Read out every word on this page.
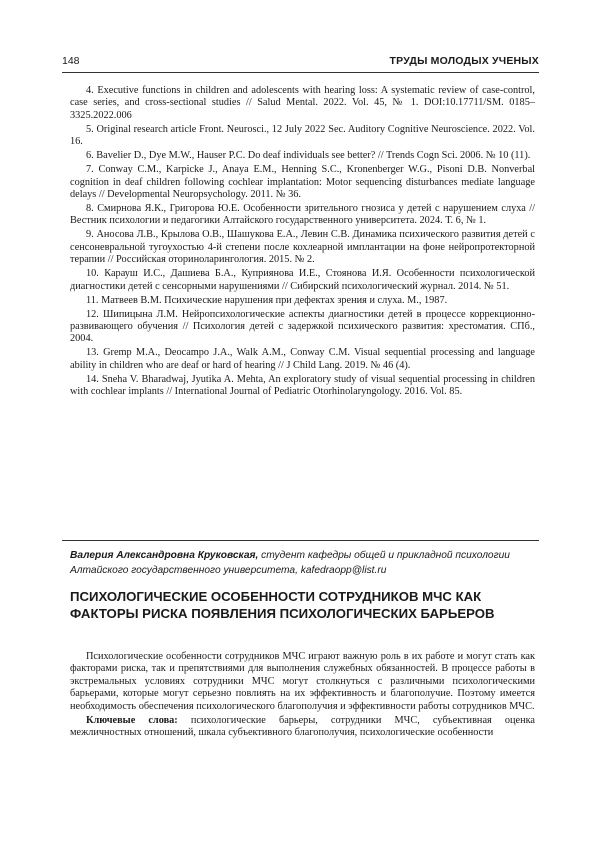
148	ТРУДЫ МОЛОДЫХ УЧЕНЫХ

4. Executive functions in children and adolescents with hearing loss: A systematic review of case-control, case series, and cross-sectional studies // Salud Mental. 2022. Vol. 45, № 1. DOI:10.17711/SM. 0185–3325.2022.006

5. Original research article Front. Neurosci., 12 July 2022 Sec. Auditory Cognitive Neuroscience. 2022. Vol. 16.

6. Bavelier D., Dye M.W., Hauser P.C. Do deaf individuals see better? // Trends Cogn Sci. 2006. № 10 (11).

7. Conway C.M., Karpicke J., Anaya E.M., Henning S.C., Kronenberger W.G., Pisoni D.B. Nonverbal cognition in deaf children following cochlear implantation: Motor sequencing disturbances mediate language delays // Developmental Neuropsychology. 2011. № 36.

8. Смирнова Я.К., Григорова Ю.Е. Особенности зрительного гнозиса у детей с нарушением слуха // Вестник психологии и педагогики Алтайского государственного университета. 2024. Т. 6, № 1.

9. Аносова Л.В., Крылова О.В., Шашукова Е.А., Левин С.В. Динамика психического развития детей с сенсоневральной тугоухостью 4-й степени после кохлеарной имплантации на фоне нейропротекторной терапии // Российская оториноларингология. 2015. № 2.

10. Карауш И.С., Дашиева Б.А., Куприянова И.Е., Стоянова И.Я. Особенности психологической диагностики детей с сенсорными нарушениями // Сибирский психологический журнал. 2014. № 51.

11. Матвеев В.М. Психические нарушения при дефектах зрения и слуха. М., 1987.

12. Шипицына Л.М. Нейропсихологические аспекты диагностики детей в процессе коррекционно-развивающего обучения // Психология детей с задержкой психического развития: хрестоматия. СПб., 2004.

13. Gremp M.A., Deocampo J.A., Walk A.M., Conway C.M. Visual sequential processing and language ability in children who are deaf or hard of hearing // J Child Lang. 2019. № 46 (4).

14. Sneha V. Bharadwaj, Jyutika A. Mehta, An exploratory study of visual sequential processing in children with cochlear implants // International Journal of Pediatric Otorhinolaryngology. 2016. Vol. 85.

Валерия Александровна Круковская, студент кафедры общей и прикладной психологии Алтайского государственного университета, kafedraopp@list.ru
ПСИХОЛОГИЧЕСКИЕ ОСОБЕННОСТИ СОТРУДНИКОВ МЧС КАК ФАКТОРЫ РИСКА ПОЯВЛЕНИЯ ПСИХОЛОГИЧЕСКИХ БАРЬЕРОВ

Психологические особенности сотрудников МЧС играют важную роль в их работе и могут стать как факторами риска, так и препятствиями для выполнения служебных обязанностей. В процессе работы в экстремальных условиях сотрудники МЧС могут столкнуться с различными психологическими барьерами, которые могут серьезно повлиять на их эффективность и благополучие. Поэтому имеется необходимость обеспечения психологического благополучия и эффективности работы сотрудников МЧС.

Ключевые слова: психологические барьеры, сотрудники МЧС, субъективная оценка межличностных отношений, шкала субъективного благополучия, психологические особенности
